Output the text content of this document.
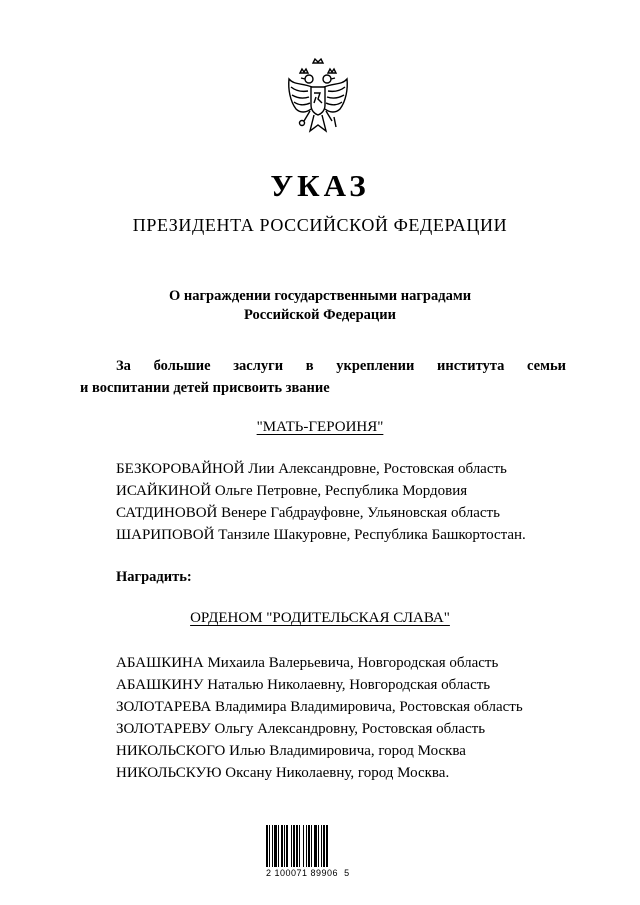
УКАЗ
ПРЕЗИДЕНТА РОССИЙСКОЙ ФЕДЕРАЦИИ
О награждении государственными наградами
Российской Федерации
За большие заслуги в укреплении института семьи
и воспитании детей присвоить звание
"МАТЬ-ГЕРОИНЯ"
БЕЗКОРОВАЙНОЙ Лии Александровне, Ростовская область
ИСАЙКИНОЙ Ольге Петровне, Республика Мордовия
САТДИНОВОЙ Венере Габдрауфовне, Ульяновская область
ШАРИПОВОЙ Танзиле Шакуровне, Республика Башкортостан.
Наградить:
ОРДЕНОМ "РОДИТЕЛЬСКАЯ СЛАВА"
АБАШКИНА Михаила Валерьевича, Новгородская область
АБАШКИНУ Наталью Николаевну, Новгородская область
ЗОЛОТАРЕВА Владимира Владимировича, Ростовская область
ЗОЛОТАРЕВУ Ольгу Александровну, Ростовская область
НИКОЛЬСКОГО Илью Владимировича, город Москва
НИКОЛЬСКУЮ Оксану Николаевну, город Москва.
2 100071 89906  5
